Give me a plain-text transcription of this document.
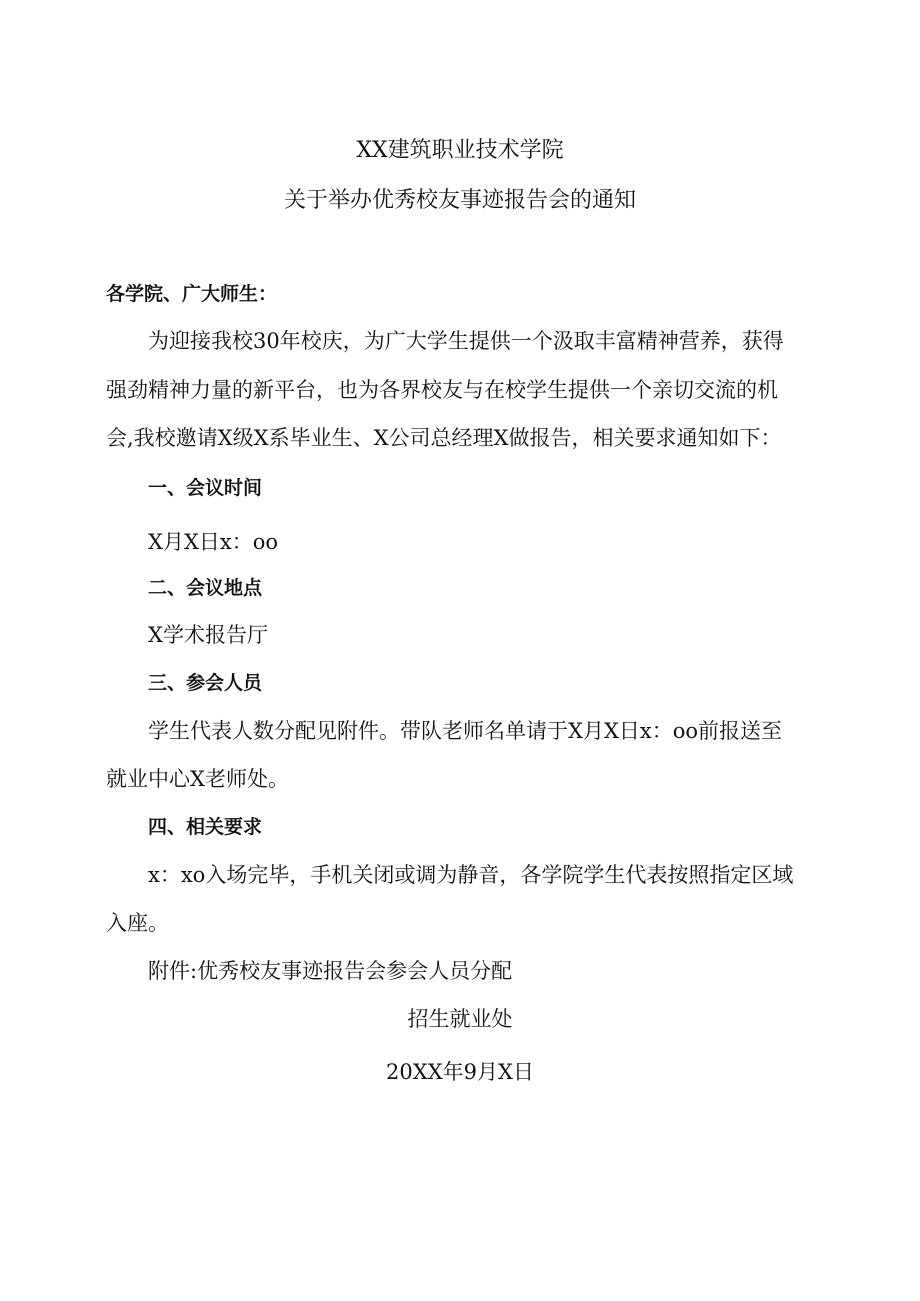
XX建筑职业技术学院

关于举办优秀校友事迹报告会的通知

各学院、广大师生：

为迎接我校30年校庆，为广大学生提供一个汲取丰富精神营养，获得

强劲精神力量的新平台，也为各界校友与在校学生提供一个亲切交流的机

会,我校邀请X级X系毕业生、X公司总经理X做报告，相关要求通知如下：

一、会议时间

X月X日x：oo

二、会议地点

X学术报告厅

三、参会人员

学生代表人数分配见附件。带队老师名单请于X月X日x：oo前报送至

就业中心X老师处。

四、相关要求

x：xo入场完毕，手机关闭或调为静音，各学院学生代表按照指定区域

入座。

附件:优秀校友事迹报告会参会人员分配

招生就业处

20XX年9月X日
